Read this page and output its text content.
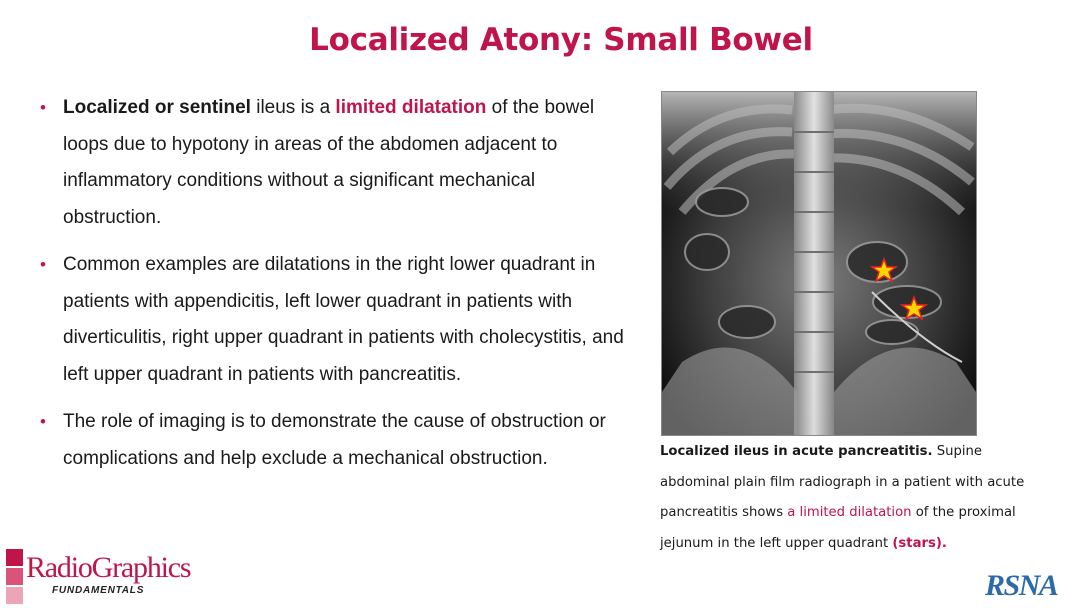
Localized Atony: Small Bowel
• Localized or sentinel ileus is a limited dilatation of the bowel loops due to hypotony in areas of the abdomen adjacent to inflammatory conditions without a significant mechanical obstruction.
• Common examples are dilatations in the right lower quadrant in patients with appendicitis, left lower quadrant in patients with diverticulitis, right upper quadrant in patients with cholecystitis, and left upper quadrant in patients with pancreatitis.
• The role of imaging is to demonstrate the cause of obstruction or complications and help exclude a mechanical obstruction.	Localized ileus in acute pancreatitis. Supine abdominal plain film radiograph in a patient with acute pancreatitis shows a limited dilatation of the proximal jejunum in the left upper quadrant (stars).
RadioGraphics
FUNDAMENTALS	RSNA
